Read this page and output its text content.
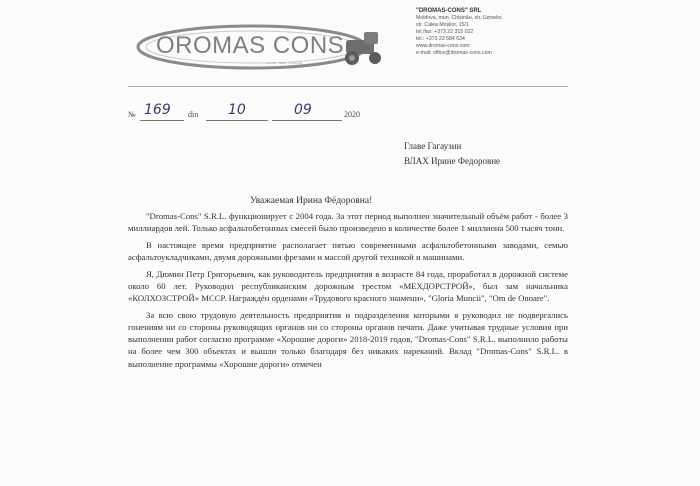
OROMAS CONS
drumuri · asfalt · construcții
"DROMAS-CONS" SRL
Moldova, mun. Chișinău, str. Uzinelor,
str. Calea Moșilor, 15/1
tel./fax: +373 22 315 022
tel.: +373 22 584 634
www.dromas-cons.com
e-mail: office@dromas-cons.com
№ 169 din 10	09	2020
Главе Гагаузии
ВЛАХ Ирине Федоровне
Уважаемая Ирина Фёдоровна!

"Dromas-Cons" S.R.L. функционирует с 2004 года. За этот период выполнен значительный объём работ - более 3 миллиардов лей. Только асфальтобетонных смесей было произведено в количестве более 1 миллиона 500 тысяч тонн.

В настоящее время предприятие располагает пятью современными асфальтобетонными заводами, семью асфальтоукладчиками, двумя дорожными фрезами и массой другой техникой и машинами.

Я, Дюмин Петр Григорьевич, как руководитель предприятия в возрасте 84 года, проработал в дорожной системе около 60 лет. Руководил республиканским дорожным трестом «МЕХДОРСТРОЙ», был зам начальника «КОЛХОЗСТРОЙ» МССР. Награждён орденами «Трудового красного знамени», "Gloria Muncii", "Om de Onoare".

За всю свою трудовую деятельность предприятия и подразделения которыми я руководил не подвергались гонениям ни со стороны руководящих органов ни со стороны органов печати. Даже учитывая трудные условия при выполнении работ согласно программе «Хорошие дороги» 2018-2019 годов, "Dromas-Cons" S.R.L. выполнило работы на более чем 300 объектах и вышли только благодаря без никаких нареканий. Вклад "Dromas-Cons" S.R.L. в выполнение программы «Хорошие дороги» отмечен
